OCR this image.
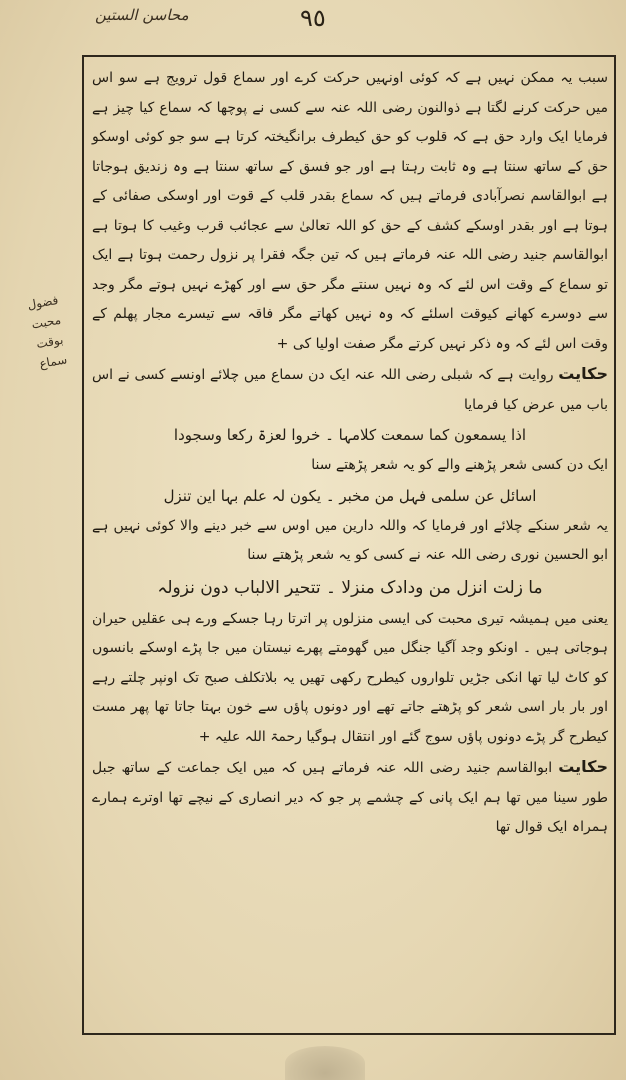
محاسن الستین	٩٥
فضول محبت
بوقت سماع

سبب یہ ممکن نہیں ہے کہ کوئی اونہیں حرکت کرے اور سماع قول ترویج ہے سو اس میں حرکت کرنے لگتا ہے ذوالنون رضی اللہ عنہ سے کسی نے پوچھا کہ سماع کیا چیز ہے فرمایا ایک وارد حق ہے کہ قلوب کو حق کیطرف برانگیختہ کرتا ہے سو جو کوئی اوسکو حق کے ساتھ سنتا ہے وہ ثابت رہتا ہے اور جو فسق کے ساتھ سنتا ہے وہ زندیق ہوجاتا ہے ابوالقاسم نصرآبادی فرماتے ہیں کہ سماع بقدر قلب کے قوت اور اوسکی صفائی کے ہوتا ہے اور بقدر اوسکے کشف کے حق کو اللہ تعالیٰ سے عجائب قرب وغیب کا ہوتا ہے ابوالقاسم جنید رضی اللہ عنہ فرماتے ہیں کہ تین جگہ فقرا پر نزول رحمت ہوتا ہے ایک تو سماع کے وقت اس لئے کہ وہ نہیں سنتے مگر حق سے اور کھڑے نہیں ہوتے مگر وجد سے دوسرے کھانے کیوقت اسلئے کہ وہ نہیں کھاتے مگر فاقہ سے تیسرے مجار پھلم کے وقت اس لئے کہ وہ ذکر نہیں کرتے مگر صفت اولیا کی +

حکایت روایت ہے کہ شبلی رضی اللہ عنہ ایک دن سماع میں چلائے اونسے کسی نے اس باب میں عرض کیا فرمایا

اذا یسمعون کما سمعت کلامہا ۔ خروا لعزۃ رکعا وسجودا

ایک دن کسی شعر پڑھنے والے کو یہ شعر پڑھتے سنا

اسائل عن سلمی فہل من مخبر ۔ یکون لہ علم بہا این تنزل

یہ شعر سنکے چلائے اور فرمایا کہ واللہ دارین میں اوس سے خبر دینے والا کوئی نہیں ہے ابو الحسین نوری رضی اللہ عنہ نے کسی کو یہ شعر پڑھتے سنا

ما زلت انزل من ودادک منزلا ۔ تتحیر الالباب دون نزولہ

یعنی میں ہمیشہ تیری محبت کی ایسی منزلوں پر اترتا رہا جسکے ورے ہی عقلیں حیران ہوجاتی ہیں ۔ اونکو وجد آگیا جنگل میں گھومتے پھرے نیستان میں جا پڑے اوسکے بانسوں کو کاٹ لیا تھا انکی جڑیں تلواروں کیطرح رکھی تھیں یہ بلاتکلف صبح تک اونپر چلتے رہے اور بار بار اسی شعر کو پڑھتے جاتے تھے اور دونوں پاؤں سے خون بہتا جاتا تھا پھر مست کیطرح گر پڑے دونوں پاؤں سوج گئے اور انتقال ہوگیا رحمۃ اللہ علیہ +

حکایت ابوالقاسم جنید رضی اللہ عنہ فرماتے ہیں کہ میں ایک جماعت کے ساتھ جبل طور سینا میں تھا ہم ایک پانی کے چشمے پر جو کہ دیر انصاری کے نیچے تھا اوترے ہمارے ہمراہ ایک قوال تھا
